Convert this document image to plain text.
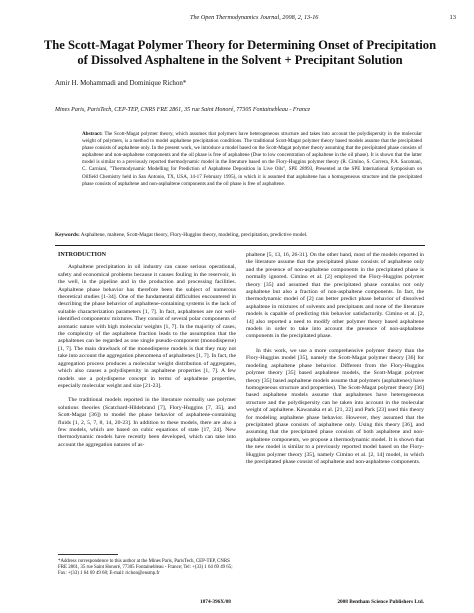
The Open Thermodynamics Journal, 2008, 2, 13-16	13
The Scott-Magat Polymer Theory for Determining Onset of Precipitation of Dissolved Asphaltene in the Solvent + Precipitant Solution
Amir H. Mohammadi and Dominique Richon*
Mines Paris, ParisTech, CEP-TEP, CNRS FRE 2861, 35 rue Saint Honoré, 77305 Fontainebleau - France
Abstract: The Scott-Magat polymer theory, which assumes that polymers have heterogeneous structure and takes into account the polydispersity in the molecular weight of polymers, is a method to model asphaltene precipitation conditions. The traditional Scott-Magat polymer theory based models assume that the precipitated phase consists of asphaltene only. In the present work, we introduce a model based on the Scott-Magat polymer theory assuming that the precipitated phase consists of asphaltene and non-asphaltene components and the oil phase is free of asphaltene (Due to low concentration of asphaltene in the oil phase). It is shown that the latter model is similar to a previously reported thermodynamic model in the literature based on the Flory-Huggins polymer theory (R. Cimino, S. Correra, P.A. Sacomani, C. Carniani, "Thermodynamic Modelling for Prediction of Asphaltene Deposition in Live Oils", SPE 28993, Presented at the SPE International Symposium on Oilfield Chemistry held in San Antonio, TX, USA, 14-17 February 1995), in which it is assumed that asphaltene has a homogeneous structure and the precipitated phase consists of asphaltene and non-asphaltene components and the oil phase is free of asphaltene.
Keywords: Asphaltene, maltene, Scott-Magat theory, Flory-Huggins theory, modeling, precipitation, predictive model.
INTRODUCTION

Asphaltene precipitation in oil industry can cause serious operational, safety and economical problems because it causes fouling in the reservoir, in the well, in the pipeline and in the production and processing facilities. Asphaltene phase behavior has therefore been the subject of numerous theoretical studies [1-34]. One of the fundamental difficulties encountered in describing the phase behavior of asphaltene-containing systems is the lack of suitable characterization parameters [1, 7]. In fact, asphaltenes are not well-identified components/ mixtures. They consist of several polar components of aromatic nature with high molecular weights [1, 7]. In the majority of cases, the complexity of the asphaltene fraction leads to the assumption that the asphaltenes can be regarded as one single pseudo-component (monodisperse) [1, 7]. The main drawback of the monodisperse models is that they may not take into account the aggregation phenomena of asphaltenes [1, 7]. In fact, the aggregation process produces a molecular weight distribution of aggregates, which also causes a polydispersity in asphaltene properties [1, 7]. A few models use a polydisperse concept in terms of asphaltene properties, especially molecular weight and size [21-23].

The traditional models reported in the literature normally use polymer solutions theories (Scatchard-Hildebrand [7], Flory-Huggins [7, 35], and Scott-Magat [36]) to model the phase behavior of asphaltene-containing fluids [1, 2, 5, 7, 8, 14, 20-23]. In addition to these models, there are also a few models, which are based on cubic equations of state [17, 24]. New thermodynamic models have recently been developed, which can take into account the aggregation natures of as-

phaltene [5, 13, 16, 26-31]. On the other hand, most of the models reported in the literature assume that the precipitated phase consists of asphaltene only and the presence of non-asphaltene components in the precipitated phase is normally ignored. Cimino et al. [2] employed the Flory-Huggins polymer theory [35] and assumed that the precipitated phase contains not only asphaltene but also a fraction of non-asphaltene components. In fact, the thermodynamic model of [2] can better predict phase behavior of dissolved asphaltene in mixtures of solvents and precipitants and none of the literature models is capable of predicting this behavior satisfactorily. Cimino et al. [2, 14] also reported a need to modify other polymer theory based asphaltene models in order to take into account the presence of non-asphaltene components in the precipitated phase.

In this work, we use a more comprehensive polymer theory than the Flory-Huggins model [35], namely the Scott-Magat polymer theory [36] for modeling asphaltene phase behavior. Different from the Flory-Huggins polymer theory [35] based asphaltene models, the Scott-Magat polymer theory [35] based asphaltene models assume that polymers (asphaltenes) have homogeneous structure and properties). The Scott-Magat polymer theory [36] based asphaltene models assume that asphaltenes have heterogeneous structure and the polydispersity can be taken into account in the molecular weight of asphaltene. Kawanaka et al. [21, 22] and Park [23] used this theory for modeling asphaltene phase behavior. However, they assumed that the precipitated phase consists of asphaltene only. Using this theory [36], and assuming that the precipitated phase consists of both asphaltene and non-asphaltene components, we propose a thermodynamic model. It is shown that the new model is similar to a previously reported model based on the Flory-Huggins polymer theory [35], namely Cimino et al. [2, 14] model, in which the precipitated phase consist of asphaltene and non-asphaltene components.

*Address correspondence to this author at the Mines Paris, ParisTech, CEP-TEP, CNRS FRE 2861, 35 rue Saint Honoré, 77305 Fontainebleau - France; Tel: +(33) 1 64 69 49 65; Fax: +(33) 1 64 69 49 68; E-mail: richon@ensmp.fr
1874-396X/08	2008 Bentham Science Publishers Ltd.
